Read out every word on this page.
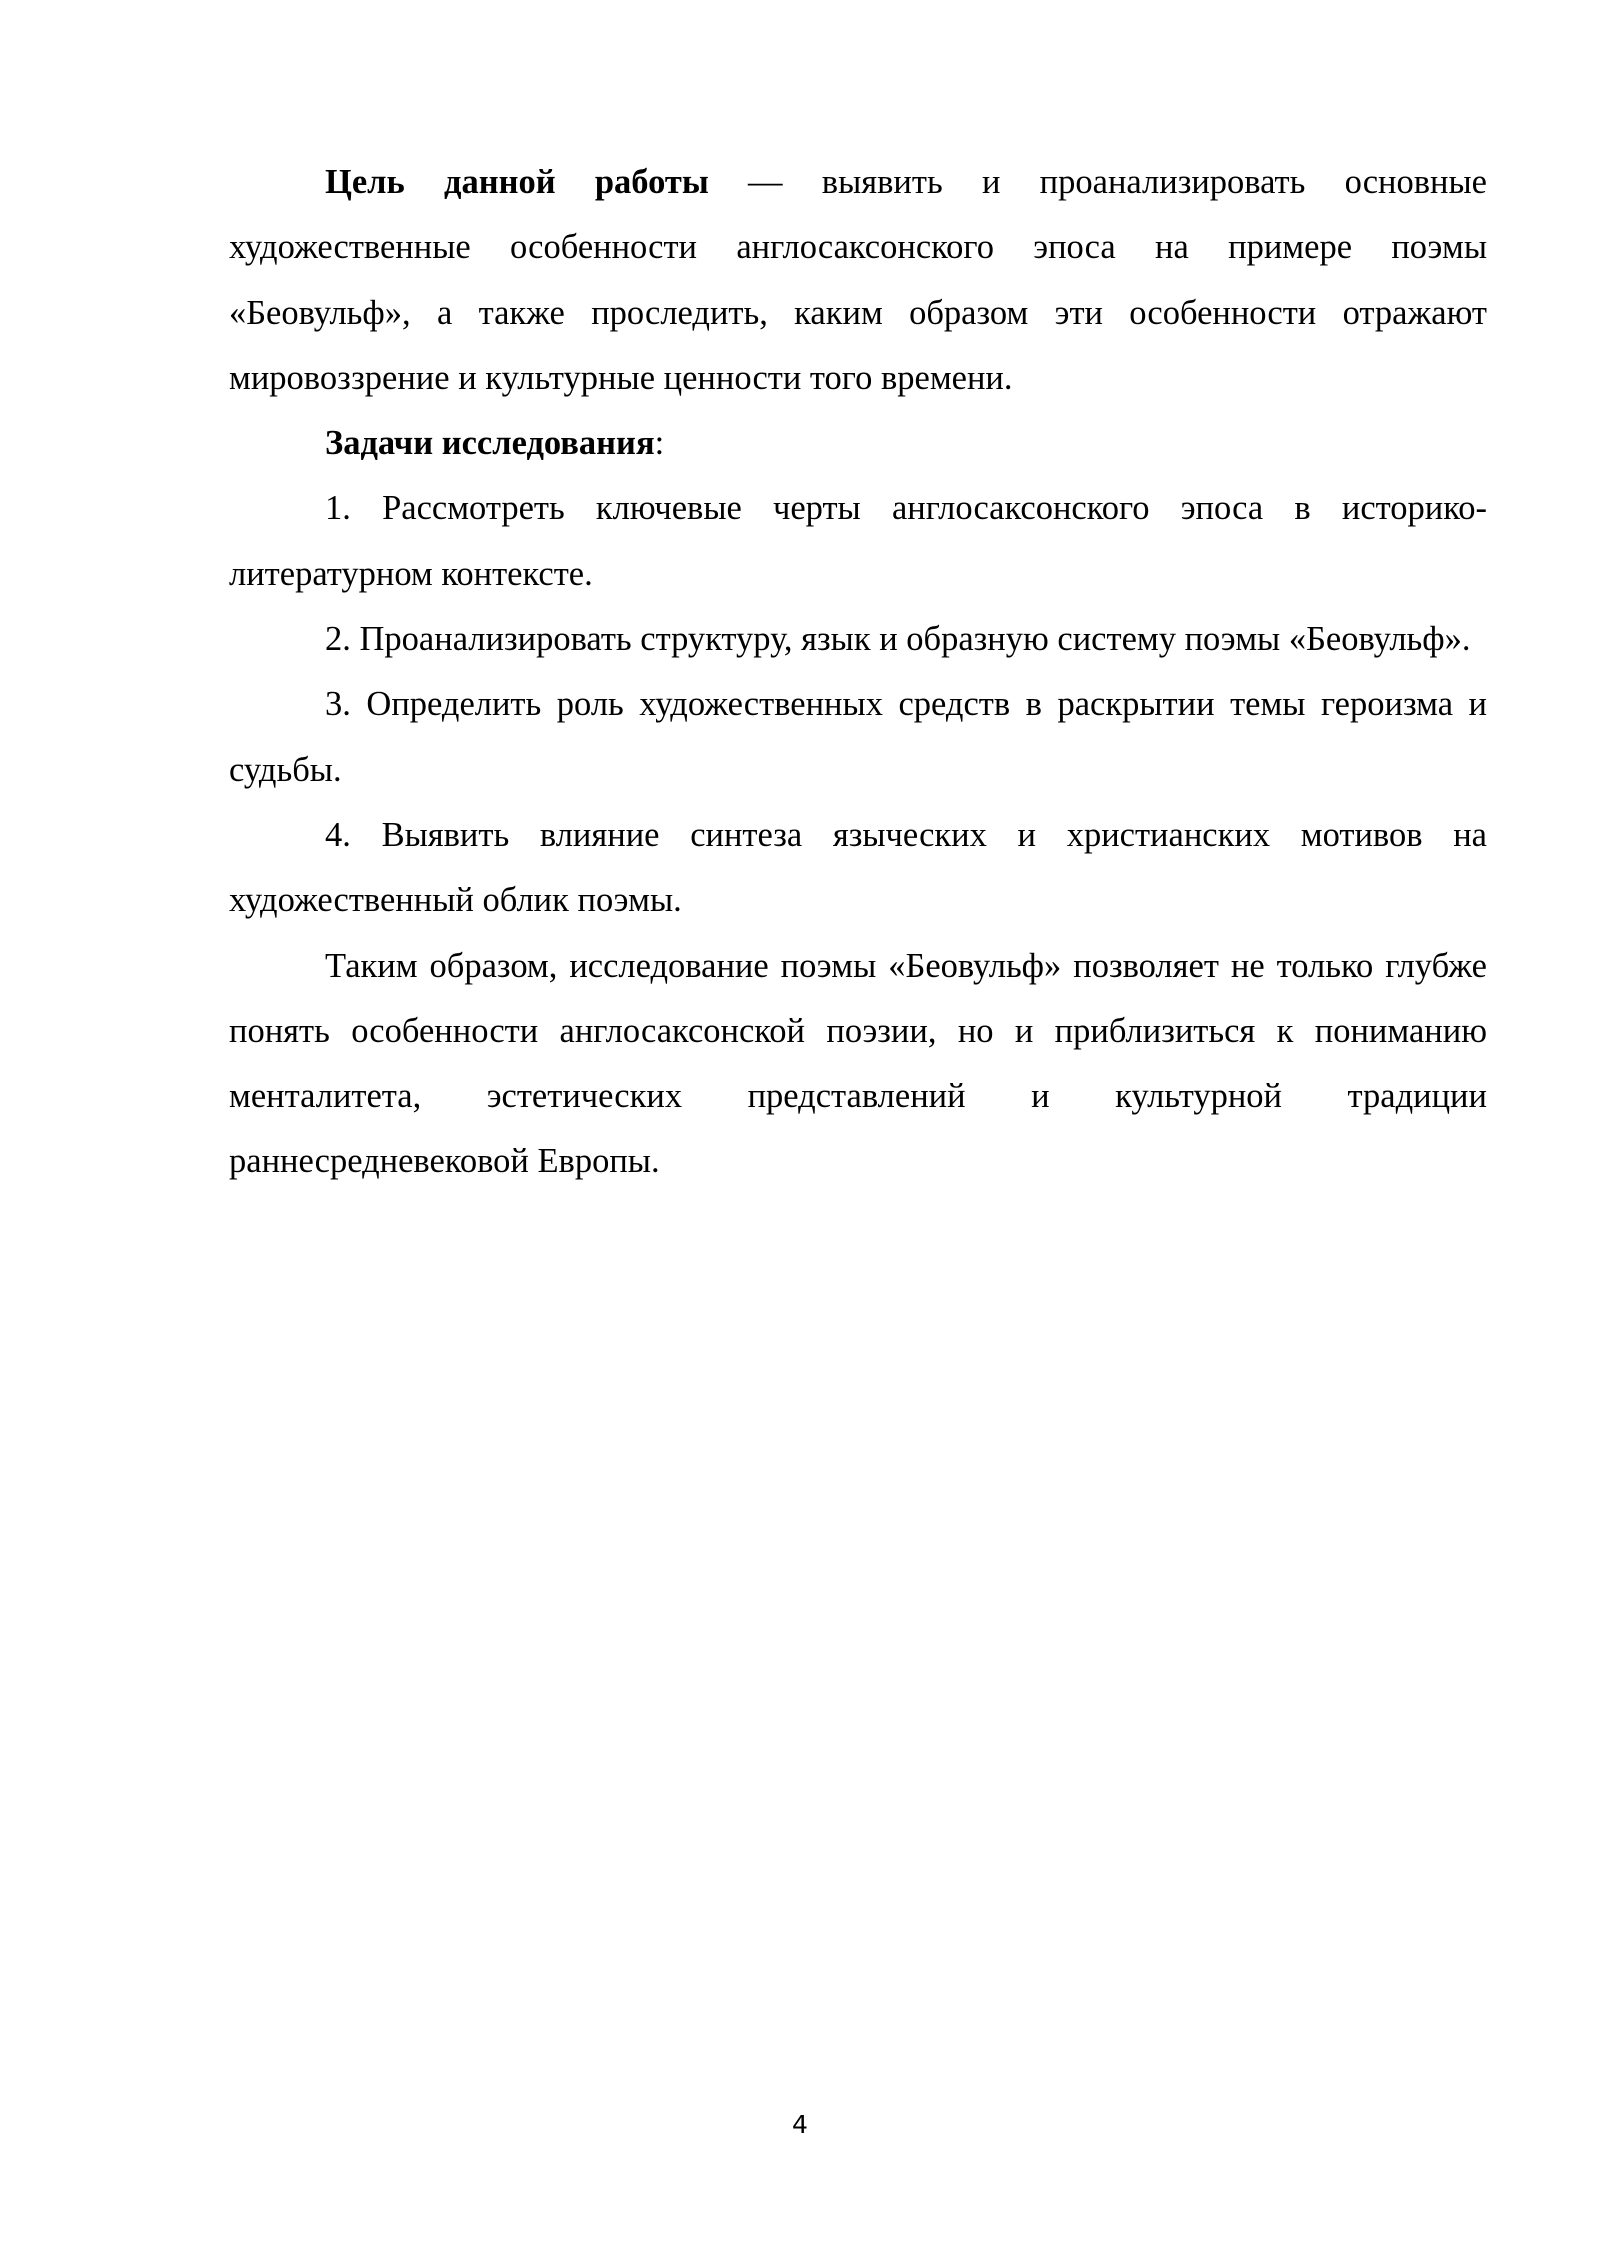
Цель данной работы — выявить и проанализировать основные художественные особенности англосаксонского эпоса на примере поэмы «Беовульф», а также проследить, каким образом эти особенности отражают мировоззрение и культурные ценности того времени.

Задачи исследования:

1. Рассмотреть ключевые черты англосаксонского эпоса в историко-литературном контексте.

2. Проанализировать структуру, язык и образную систему поэмы «Беовульф».

3. Определить роль художественных средств в раскрытии темы героизма и судьбы.

4. Выявить влияние синтеза языческих и христианских мотивов на художественный облик поэмы.

Таким образом, исследование поэмы «Беовульф» позволяет не только глубже понять особенности англосаксонской поэзии, но и приблизиться к пониманию менталитета, эстетических представлений и культурной традиции раннесредневековой Европы.

4
